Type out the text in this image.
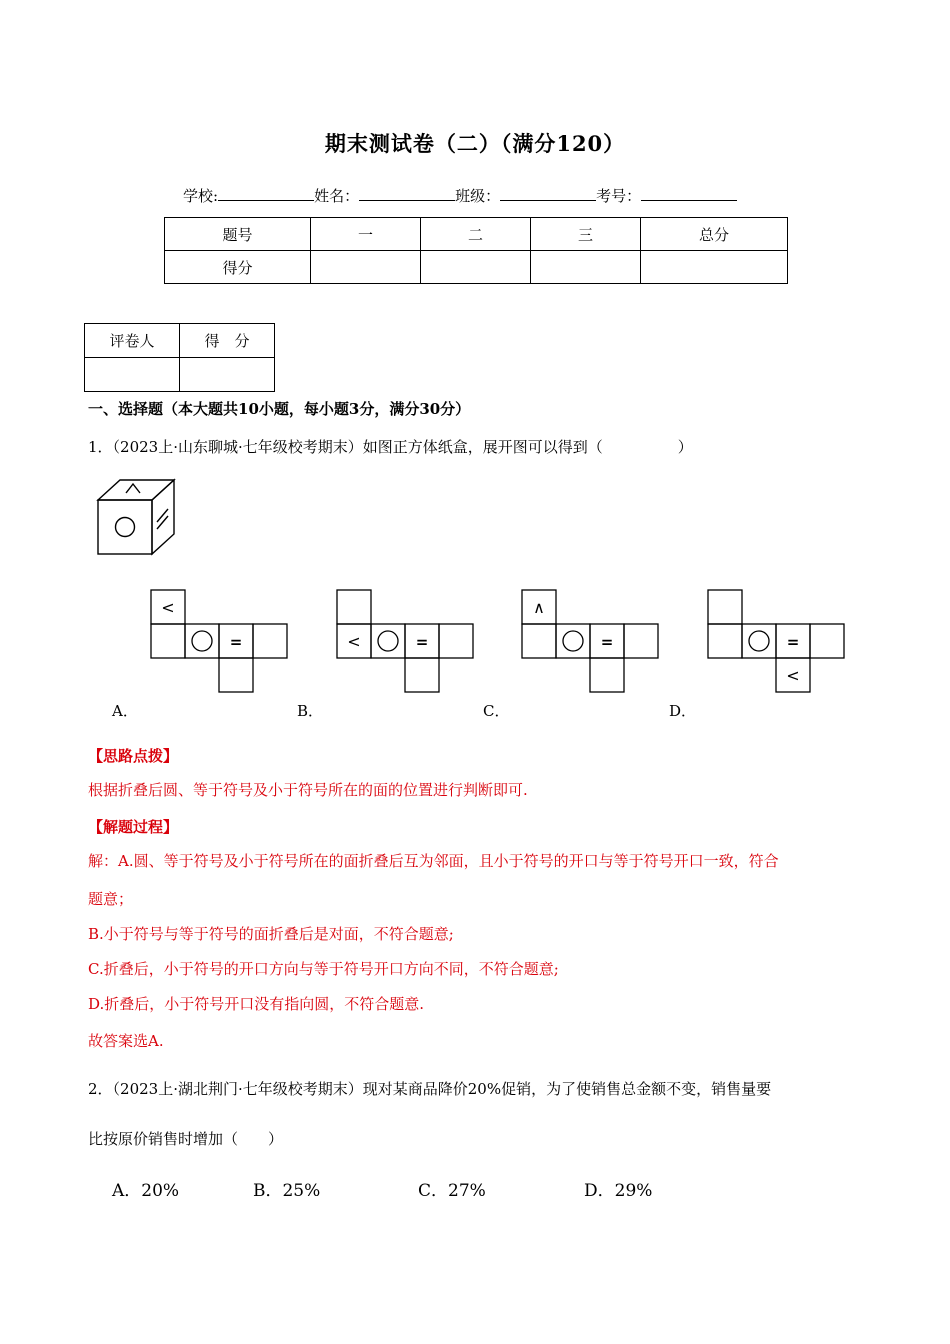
期末测试卷（二）（满分120）
学校:	姓名：	班级：	考号：
题号	一	二	三	总分
得分				
评卷人	得　分

一、选择题（本大题共10小题，每小题3分，满分30分）
1．（2023上·山东聊城·七年级校考期末）如图正方体纸盒，展开图可以得到（　　　　　）
<
=	<	=
∧
=	=
<
A．	B．	C．	D．
【思路点拨】
根据折叠后圆、等于符号及小于符号所在的面的位置进行判断即可.
【解题过程】
解：A.圆、等于符号及小于符号所在的面折叠后互为邻面，且小于符号的开口与等于符号开口一致，符合
题意；
B.小于符号与等于符号的面折叠后是对面，不符合题意;
C.折叠后，小于符号的开口方向与等于符号开口方向不同，不符合题意;
D.折叠后，小于符号开口没有指向圆，不符合题意.
故答案选A.
2．（2023上·湖北荆门·七年级校考期末）现对某商品降价20%促销，为了使销售总金额不变，销售量要
比按原价销售时增加（　　）
A．20%	B．25%	C．27%	D．29%
